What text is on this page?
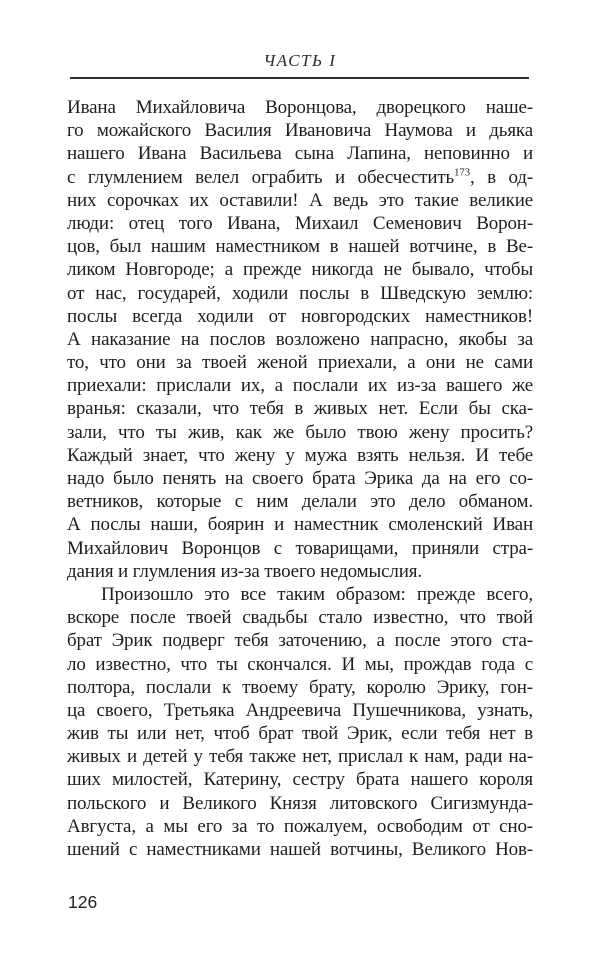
ЧАСТЬ I
Ивана Михайловича Воронцова, дворецкого наше-
го можайского Василия Ивановича Наумова и дьяка
нашего Ивана Васильева сына Лапина, неповинно и
с глумлением велел ограбить и обесчестить$^{173}$, в од-
них сорочках их оставили! А ведь это такие великие
люди: отец того Ивана, Михаил Семенович Ворон-
цов, был нашим наместником в нашей вотчине, в Ве-
ликом Новгороде; а прежде никогда не бывало, чтобы
от нас, государей, ходили послы в Шведскую землю:
послы всегда ходили от новгородских наместников!
А наказание на послов возложено напрасно, якобы за
то, что они за твоей женой приехали, а они не сами
приехали: прислали их, а послали их из-за вашего же
вранья: сказали, что тебя в живых нет. Если бы ска-
зали, что ты жив, как же было твою жену просить?
Каждый знает, что жену у мужа взять нельзя. И тебе
надо было пенять на своего брата Эрика да на его со-
ветников, которые с ним делали это дело обманом.
А послы наши, боярин и наместник смоленский Иван
Михайлович Воронцов с товарищами, приняли стра-
дания и глумления из-за твоего недомыслия.
Произошло это все таким образом: прежде всего,
вскоре после твоей свадьбы стало известно, что твой
брат Эрик подверг тебя заточению, а после этого ста-
ло известно, что ты скончался. И мы, прождав года с
полтора, послали к твоему брату, королю Эрику, гон-
ца своего, Третьяка Андреевича Пушечникова, узнать,
жив ты или нет, чтоб брат твой Эрик, если тебя нет в
живых и детей у тебя также нет, прислал к нам, ради на-
ших милостей, Катерину, сестру брата нашего короля
польского и Великого Князя литовского Сигизмунда-
Августа, а мы его за то пожалуем, освободим от сно-
шений с наместниками нашей вотчины, Великого Нов-
126
